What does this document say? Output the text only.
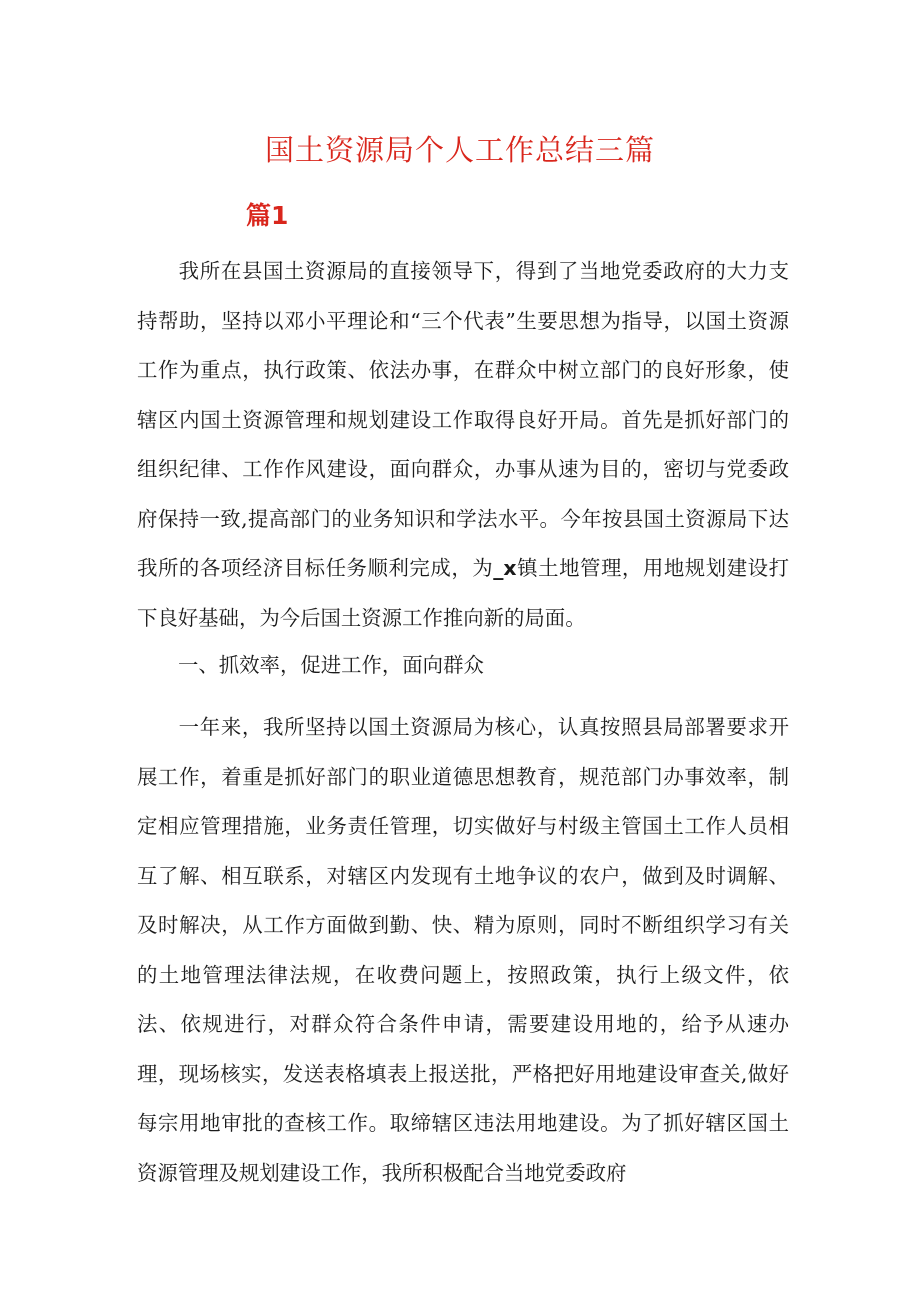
国土资源局个人工作总结三篇
篇1

我所在县国土资源局的直接领导下，得到了当地党委政府的大力支持帮助，坚持以邓小平理论和“三个代表”生要思想为指导，以国土资源工作为重点，执行政策、依法办事，在群众中树立部门的良好形象，使辖区内国土资源管理和规划建设工作取得良好开局。首先是抓好部门的组织纪律、工作作风建设，面向群众，办事从速为目的，密切与党委政府保持一致,提高部门的业务知识和学法水平。今年按县国土资源局下达我所的各项经济目标任务顺利完成，为_x镇土地管理，用地规划建设打下良好基础，为今后国土资源工作推向新的局面。

一、抓效率，促进工作，面向群众

一年来，我所坚持以国土资源局为核心，认真按照县局部署要求开展工作，着重是抓好部门的职业道德思想教育，规范部门办事效率，制定相应管理措施，业务责任管理，切实做好与村级主管国土工作人员相互了解、相互联系，对辖区内发现有土地争议的农户，做到及时调解、及时解决，从工作方面做到勤、快、精为原则，同时不断组织学习有关的土地管理法律法规，在收费问题上，按照政策，执行上级文件，依法、依规进行，对群众符合条件申请，需要建设用地的，给予从速办理，现场核实，发送表格填表上报送批，严格把好用地建设审查关,做好每宗用地审批的查核工作。取缔辖区违法用地建设。为了抓好辖区国土资源管理及规划建设工作，我所积极配合当地党委政府
